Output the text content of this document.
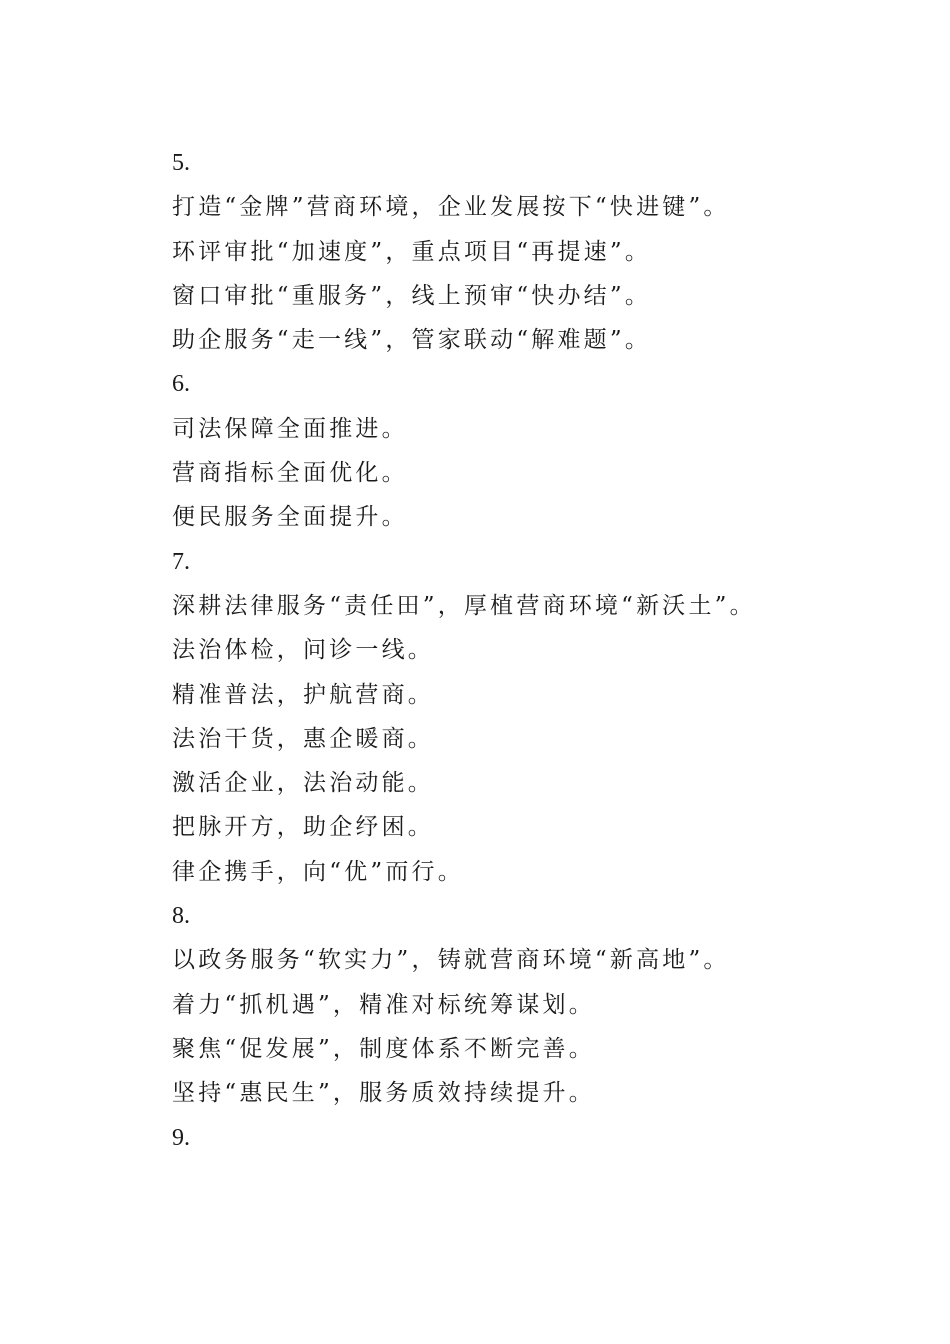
5.
打造“金牌”营商环境，企业发展按下“快进键”。
环评审批“加速度”，重点项目“再提速”。
窗口审批“重服务”，线上预审“快办结”。
助企服务“走一线”，管家联动“解难题”。
6.
司法保障全面推进。
营商指标全面优化。
便民服务全面提升。
7.
深耕法律服务“责任田”，厚植营商环境“新沃土”。
法治体检，问诊一线。
精准普法，护航营商。
法治干货，惠企暖商。
激活企业，法治动能。
把脉开方，助企纾困。
律企携手，向“优”而行。
8.
以政务服务“软实力”，铸就营商环境“新高地”。
着力“抓机遇”，精准对标统筹谋划。
聚焦“促发展”，制度体系不断完善。
坚持“惠民生”，服务质效持续提升。
9.
